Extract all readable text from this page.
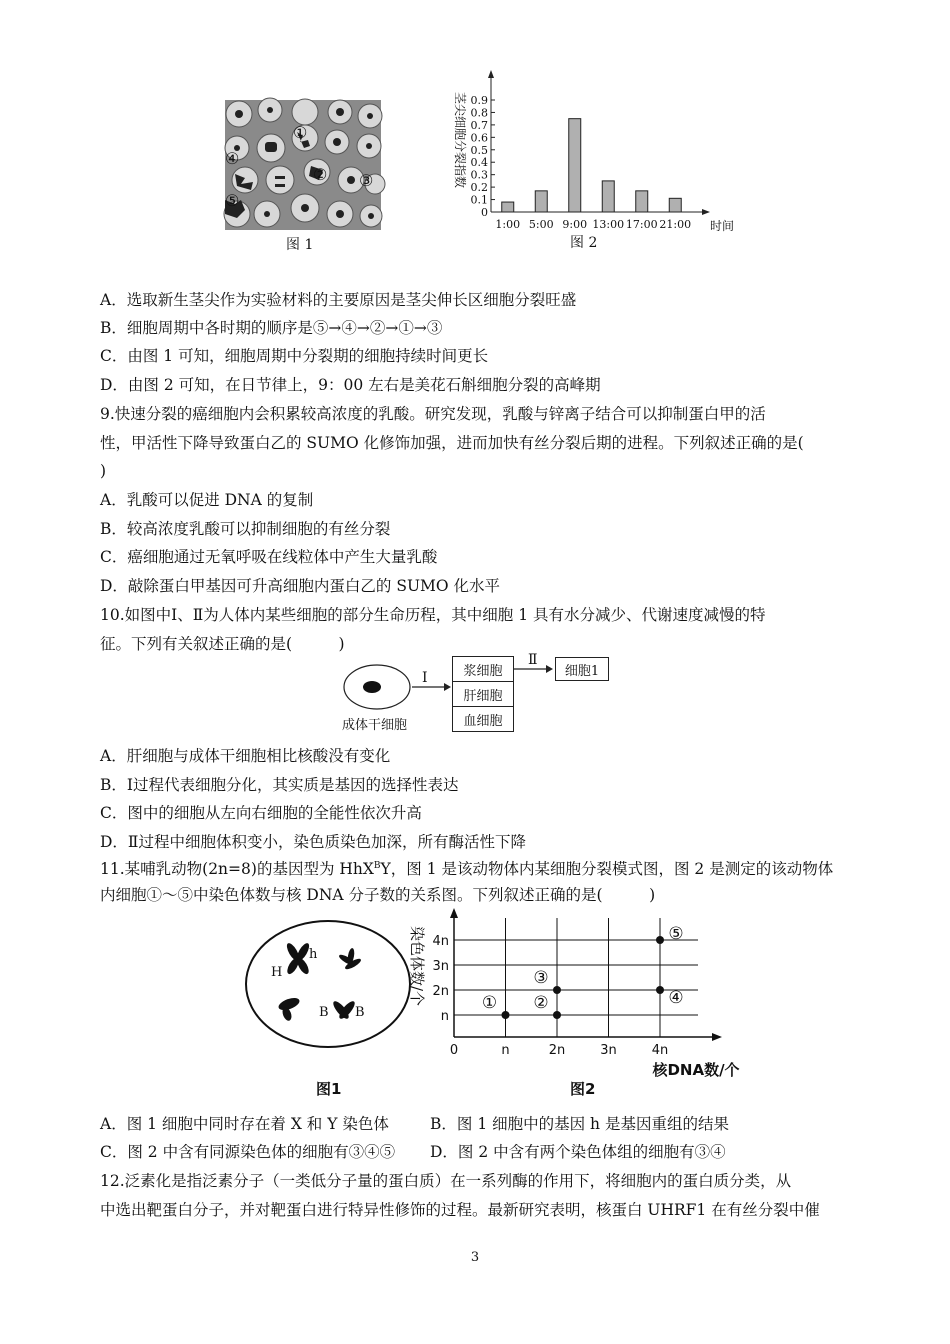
①
② ③
④
⑤
图 1
0
0.1
0.2
0.3
0.4
0.5
0.6
0.7
0.8
0.9
茎尖细胞分裂指数
1:00 5:00 9:00 13:00 17:00 21:00 时间
图 2
A．选取新生茎尖作为实验材料的主要原因是茎尖伸长区细胞分裂旺盛
B．细胞周期中各时期的顺序是⑤→④→②→①→③
C．由图 1 可知，细胞周期中分裂期的细胞持续时间更长
D．由图 2 可知，在日节律上，9：00 左右是美花石斛细胞分裂的高峰期
9.快速分裂的癌细胞内会积累较高浓度的乳酸。研究发现，乳酸与锌离子结合可以抑制蛋白甲的活
性，甲活性下降导致蛋白乙的 SUMO 化修饰加强，进而加快有丝分裂后期的进程。下列叙述正确的是(
)
A．乳酸可以促进 DNA 的复制
B．较高浓度乳酸可以抑制细胞的有丝分裂
C．癌细胞通过无氧呼吸在线粒体中产生大量乳酸
D．敲除蛋白甲基因可升高细胞内蛋白乙的 SUMO 化水平
10.如图中Ⅰ、Ⅱ为人体内某些细胞的部分生命历程，其中细胞 1 具有水分减少、代谢速度减慢的特
征。下列有关叙述正确的是(　　　)
Ⅰ
Ⅱ
成体干细胞
浆细胞
肝细胞
血细胞
细胞1
A．肝细胞与成体干细胞相比核酸没有变化
B．Ⅰ过程代表细胞分化，其实质是基因的选择性表达
C．图中的细胞从左向右细胞的全能性依次升高
D．Ⅱ过程中细胞体积变小，染色质染色加深，所有酶活性下降
11.某哺乳动物(2n=8)的基因型为 HhX$^B$Y，图 1 是该动物体内某细胞分裂模式图，图 2 是测定的该动物体
内细胞①～⑤中染色体数与核 DNA 分子数的关系图。下列叙述正确的是(　　　)
H
h
B B
图1
n
2n
3n
4n
0	n	2n	3n	4n
染色体数/个
核DNA数/个
① ②
③
④
⑤
图2
A．图 1 细胞中同时存在着 X 和 Y 染色体	B．图 1 细胞中的基因 h 是基因重组的结果
C．图 2 中含有同源染色体的细胞有③④⑤ D．图 2 中含有两个染色体组的细胞有③④
12.泛素化是指泛素分子（一类低分子量的蛋白质）在一系列酶的作用下，将细胞内的蛋白质分类，从
中选出靶蛋白分子，并对靶蛋白进行特异性修饰的过程。最新研究表明，核蛋白 UHRF1 在有丝分裂中催
3
